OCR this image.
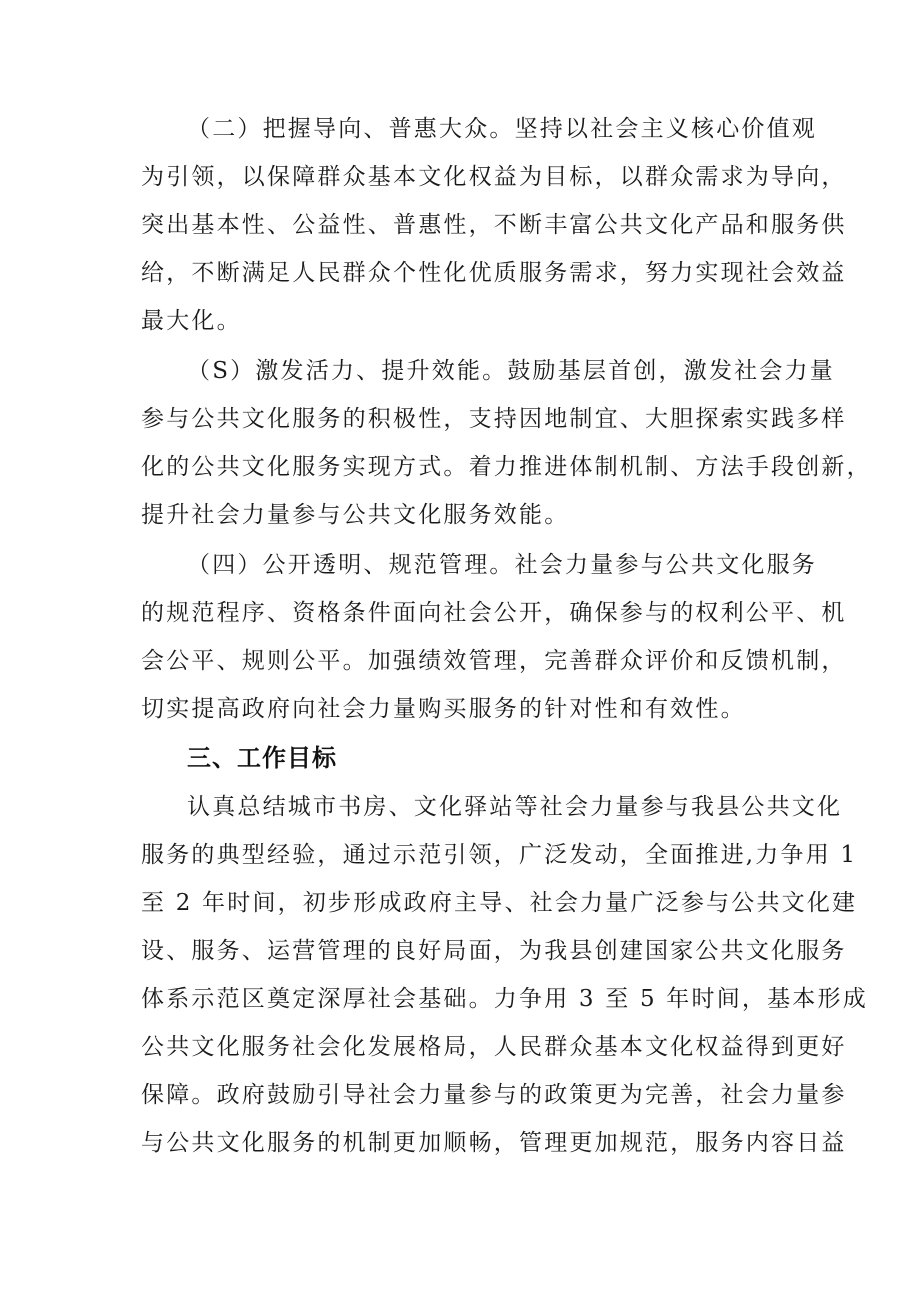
（二）把握导向、普惠大众。坚持以社会主义核心价值观
为引领，以保障群众基本文化权益为目标，以群众需求为导向，
突出基本性、公益性、普惠性，不断丰富公共文化产品和服务供
给，不断满足人民群众个性化优质服务需求，努力实现社会效益
最大化。
（S）激发活力、提升效能。鼓励基层首创，激发社会力量
参与公共文化服务的积极性，支持因地制宜、大胆探索实践多样
化的公共文化服务实现方式。着力推进体制机制、方法手段创新，
提升社会力量参与公共文化服务效能。
（四）公开透明、规范管理。社会力量参与公共文化服务
的规范程序、资格条件面向社会公开，确保参与的权利公平、机
会公平、规则公平。加强绩效管理，完善群众评价和反馈机制，
切实提高政府向社会力量购买服务的针对性和有效性。
三、工作目标
认真总结城市书房、文化驿站等社会力量参与我县公共文化
服务的典型经验，通过示范引领，广泛发动，全面推进,力争用 1
至 2 年时间，初步形成政府主导、社会力量广泛参与公共文化建
设、服务、运营管理的良好局面，为我县创建国家公共文化服务
体系示范区奠定深厚社会基础。力争用 3 至 5 年时间，基本形成
公共文化服务社会化发展格局，人民群众基本文化权益得到更好
保障。政府鼓励引导社会力量参与的政策更为完善，社会力量参
与公共文化服务的机制更加顺畅，管理更加规范，服务内容日益
